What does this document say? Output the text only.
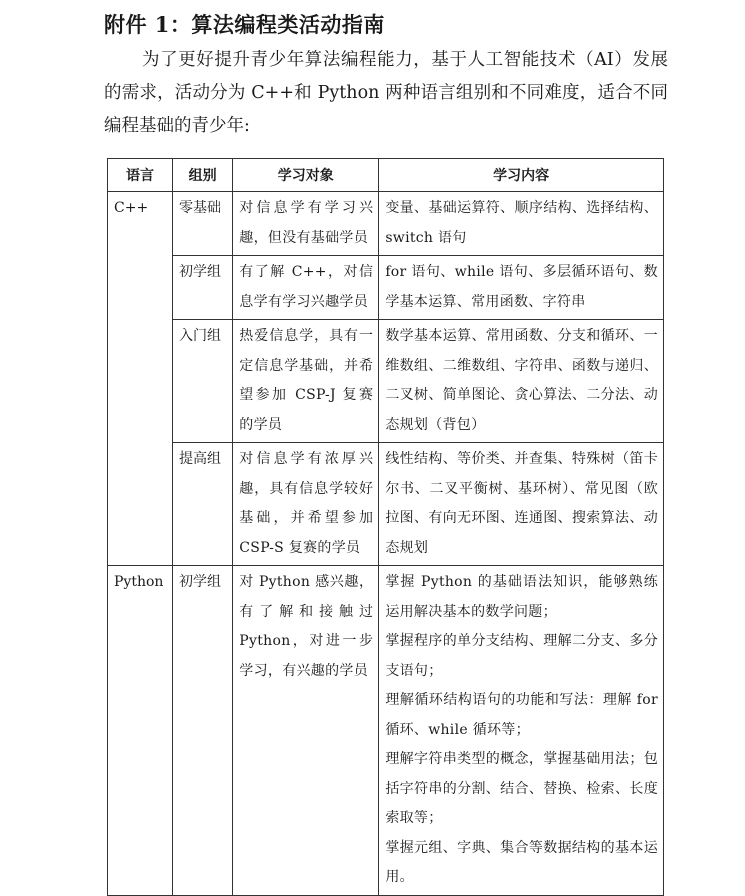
附件 1：算法编程类活动指南

为了更好提升青少年算法编程能力，基于人工智能技术（AI）发展的需求，活动分为 C++和 Python 两种语言组别和不同难度，适合不同编程基础的青少年:

语言	组别	学习对象	学习内容
C++	零基础	对信息学有学习兴趣，但没有基础学员	变量、基础运算符、顺序结构、选择结构、switch 语句
	初学组	有了解 C++，对信息学有学习兴趣学员	for 语句、while 语句、多层循环语句、数学基本运算、常用函数、字符串
	入门组	热爱信息学，具有一定信息学基础，并希望参加 CSP-J 复赛的学员	数学基本运算、常用函数、分支和循环、一维数组、二维数组、字符串、函数与递归、二叉树、简单图论、贪心算法、二分法、动态规划（背包）
	提高组	对信息学有浓厚兴趣，具有信息学较好基础，并希望参加 CSP-S 复赛的学员	线性结构、等价类、并查集、特殊树（笛卡尔书、二叉平衡树、基环树）、常见图（欧拉图、有向无环图、连通图、搜索算法、动态规划
Python	初学组	对 Python 感兴趣，有了解和接触过 Python，对进一步学习，有兴趣的学员	掌握 Python 的基础语法知识，能够熟练运用解决基本的数学问题；
掌握程序的单分支结构、理解二分支、多分支语句；
理解循环结构语句的功能和写法：理解 for 循环、while 循环等；
理解字符串类型的概念，掌握基础用法；包括字符串的分割、结合、替换、检索、长度索取等；
掌握元组、字典、集合等数据结构的基本运用。
